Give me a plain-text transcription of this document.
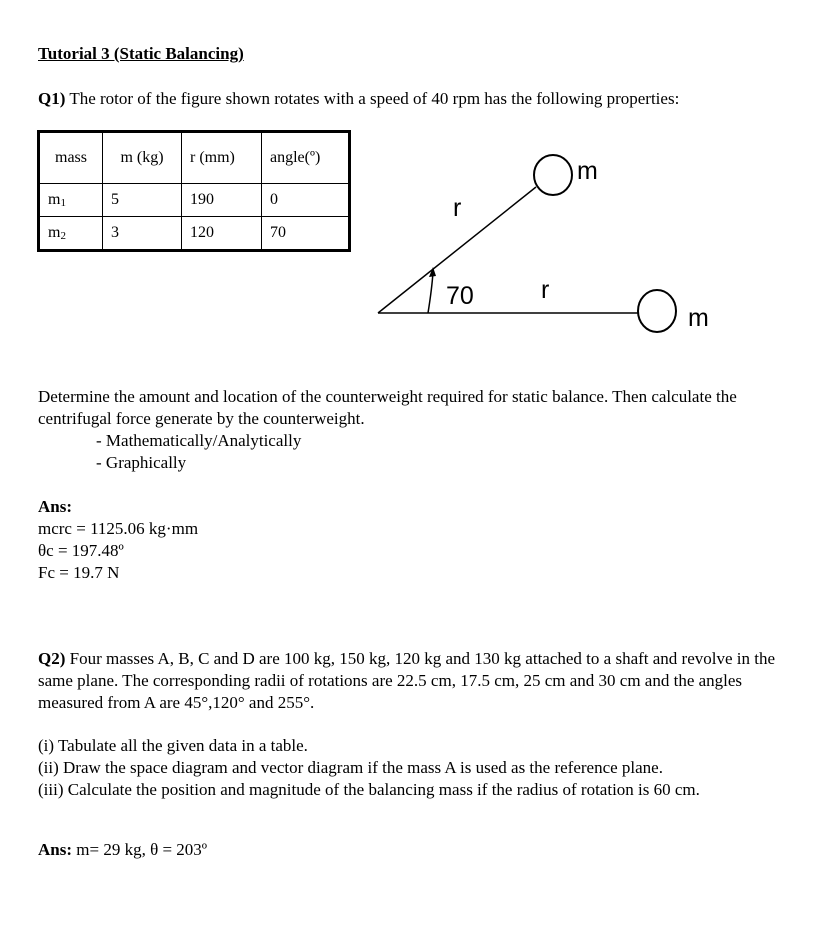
Tutorial 3 (Static Balancing)
Q1) The rotor of the figure shown rotates with a speed of 40 rpm has the following properties:
mass	m (kg)	r (mm)	angle(º)
$m_1$	5	190	0
$m_2$	3	120	70
r
70	r
m
m
Determine the amount and location of the counterweight required for static balance. Then calculate the centrifugal force generate by the counterweight.
- Mathematically/Analytically
- Graphically
Ans:
mcrc = 1125.06 kg·mm
θc = 197.48º
Fc = 19.7 N
Q2) Four masses A, B, C and D are 100 kg, 150 kg, 120 kg and 130 kg attached to a shaft and revolve in the same plane. The corresponding radii of rotations are 22.5 cm, 17.5 cm, 25 cm and 30 cm and the angles measured from A are 45°,120° and 255°.
(i) Tabulate all the given data in a table.
(ii) Draw the space diagram and vector diagram if the mass A is used as the reference plane.
(iii) Calculate the position and magnitude of the balancing mass if the radius of rotation is 60 cm.
Ans: m= 29 kg, θ = 203º
